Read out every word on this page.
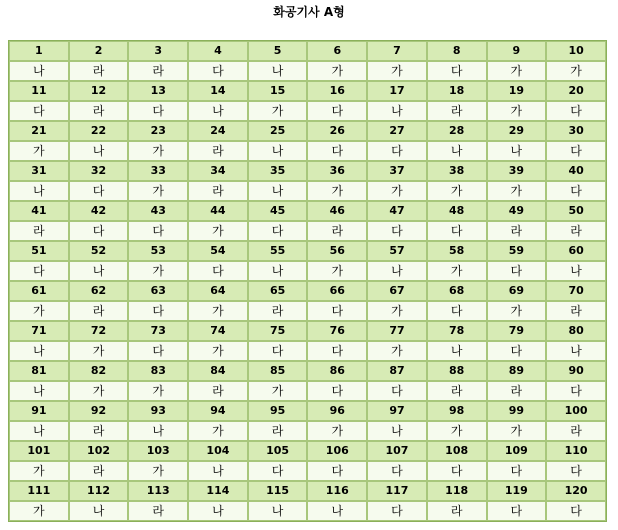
화공기사 A형
1	2	3	4	5	6	7	8	9	10
나	라	라	다	나	가	가	다	가	가
11	12	13	14	15	16	17	18	19	20
다	라	다	나	가	다	나	라	가	다
21	22	23	24	25	26	27	28	29	30
가	나	가	라	나	다	다	나	나	다
31	32	33	34	35	36	37	38	39	40
나	다	가	라	나	가	가	가	가	다
41	42	43	44	45	46	47	48	49	50
라	다	다	가	다	라	다	다	라	라
51	52	53	54	55	56	57	58	59	60
다	나	가	다	나	가	나	가	다	나
61	62	63	64	65	66	67	68	69	70
가	라	다	가	라	다	가	다	가	라
71	72	73	74	75	76	77	78	79	80
나	가	다	가	다	다	가	나	다	나
81	82	83	84	85	86	87	88	89	90
나	가	가	라	가	다	다	라	라	다
91	92	93	94	95	96	97	98	99	100
나	라	나	가	라	가	나	가	가	라
101	102	103	104	105	106	107	108	109	110
가	라	가	나	다	다	다	다	다	다
111	112	113	114	115	116	117	118	119	120
가	나	라	나	나	나	다	라	다	다
